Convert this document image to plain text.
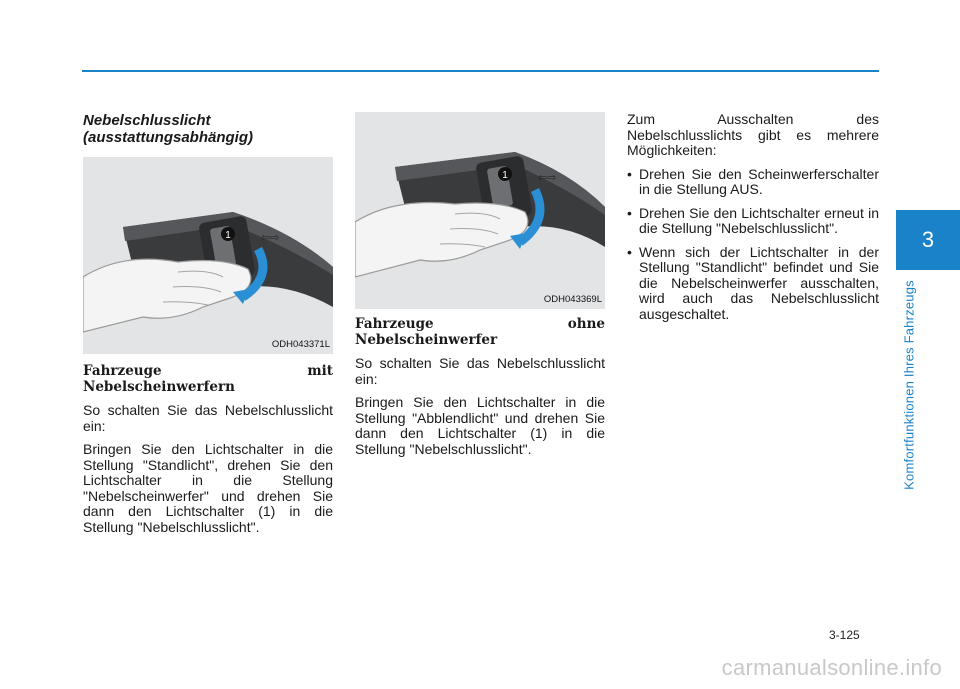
3
Komfortfunktionen Ihres Fahrzeugs
Nebelschlusslicht
(ausstattungsabhängig)
1	⇦⇨
ODH043371L

Fahrzeuge mit Nebelscheinwerfern

So schalten Sie das Nebelschlusslicht ein:

Bringen Sie den Lichtschalter in die Stellung "Standlicht", drehen Sie den Lichtschalter in die Stellung "Nebelscheinwerfer" und drehen Sie dann den Lichtschalter (1) in die Stellung "Nebelschlusslicht".

1	⇦⇨
ODH043369L

Fahrzeuge ohne Nebelscheinwerfer

So schalten Sie das Nebelschlusslicht ein:

Bringen Sie den Lichtschalter in die Stellung "Abblendlicht" und drehen Sie dann den Lichtschalter (1) in die Stellung "Nebelschlusslicht".

Zum Ausschalten des Nebelschlusslichts gibt es mehrere Möglichkeiten:

• Drehen Sie den Scheinwerferschalter in die Stellung AUS.
• Drehen Sie den Lichtschalter erneut in die Stellung "Nebelschlusslicht".
• Wenn sich der Lichtschalter in der Stellung "Standlicht" befindet und Sie die Nebelscheinwerfer ausschalten, wird auch das Nebelschlusslicht ausgeschaltet.
3-125
carmanualsonline.info
